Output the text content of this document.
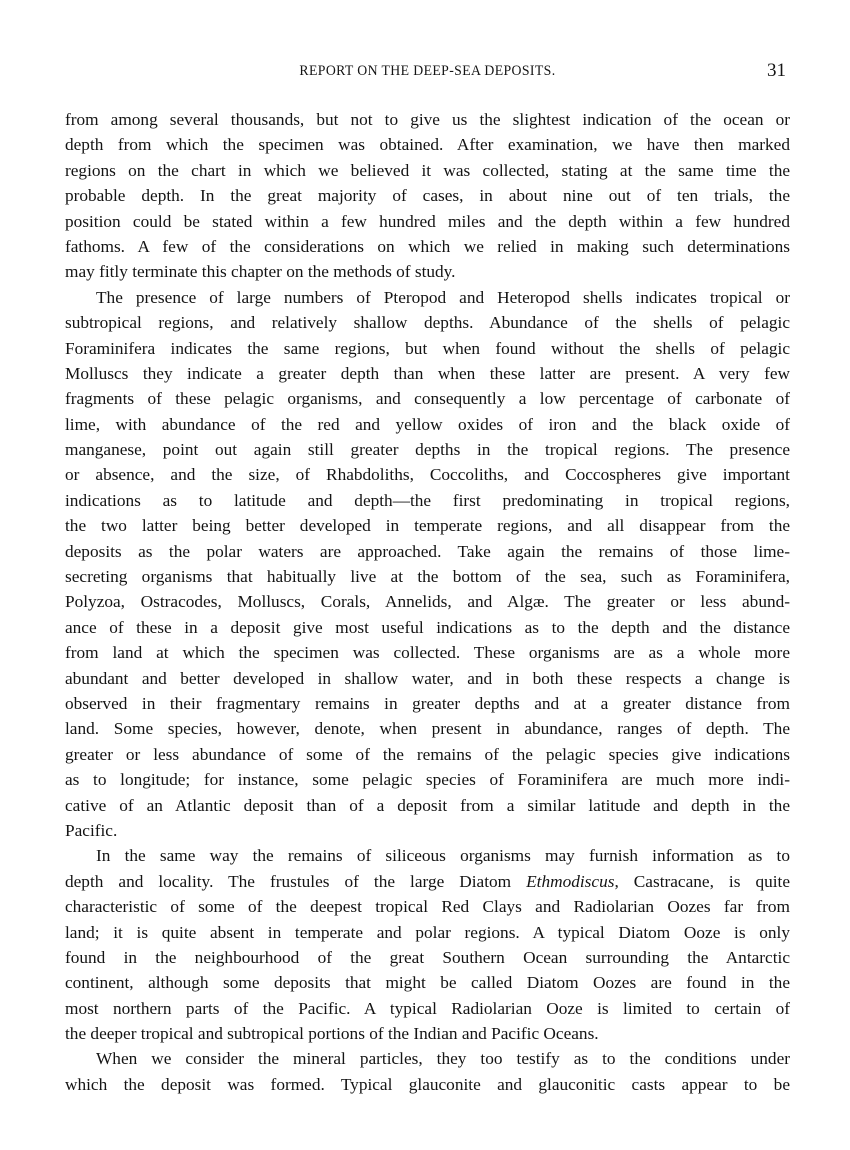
REPORT ON THE DEEP-SEA DEPOSITS.	31
from among several thousands, but not to give us the slightest indication of the ocean or
depth from which the specimen was obtained. After examination, we have then marked
regions on the chart in which we believed it was collected, stating at the same time the
probable depth. In the great majority of cases, in about nine out of ten trials, the
position could be stated within a few hundred miles and the depth within a few hundred
fathoms. A few of the considerations on which we relied in making such determinations
may fitly terminate this chapter on the methods of study.
The presence of large numbers of Pteropod and Heteropod shells indicates tropical or
subtropical regions, and relatively shallow depths. Abundance of the shells of pelagic
Foraminifera indicates the same regions, but when found without the shells of pelagic
Molluscs they indicate a greater depth than when these latter are present. A very few
fragments of these pelagic organisms, and consequently a low percentage of carbonate of
lime, with abundance of the red and yellow oxides of iron and the black oxide of
manganese, point out again still greater depths in the tropical regions. The presence
or absence, and the size, of Rhabdoliths, Coccoliths, and Coccospheres give important
indications as to latitude and depth—the first predominating in tropical regions,
the two latter being better developed in temperate regions, and all disappear from the
deposits as the polar waters are approached. Take again the remains of those lime-
secreting organisms that habitually live at the bottom of the sea, such as Foraminifera,
Polyzoa, Ostracodes, Molluscs, Corals, Annelids, and Algæ. The greater or less abund-
ance of these in a deposit give most useful indications as to the depth and the distance
from land at which the specimen was collected. These organisms are as a whole more
abundant and better developed in shallow water, and in both these respects a change is
observed in their fragmentary remains in greater depths and at a greater distance from
land. Some species, however, denote, when present in abundance, ranges of depth. The
greater or less abundance of some of the remains of the pelagic species give indications
as to longitude; for instance, some pelagic species of Foraminifera are much more indi-
cative of an Atlantic deposit than of a deposit from a similar latitude and depth in the
Pacific.
In the same way the remains of siliceous organisms may furnish information as to
depth and locality. The frustules of the large Diatom Ethmodiscus, Castracane, is quite
characteristic of some of the deepest tropical Red Clays and Radiolarian Oozes far from
land; it is quite absent in temperate and polar regions. A typical Diatom Ooze is only
found in the neighbourhood of the great Southern Ocean surrounding the Antarctic
continent, although some deposits that might be called Diatom Oozes are found in the
most northern parts of the Pacific. A typical Radiolarian Ooze is limited to certain of
the deeper tropical and subtropical portions of the Indian and Pacific Oceans.
When we consider the mineral particles, they too testify as to the conditions under
which the deposit was formed. Typical glauconite and glauconitic casts appear to be
